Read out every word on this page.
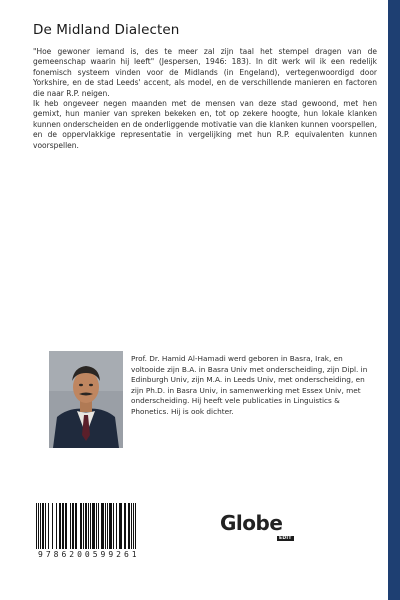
De Midland Dialecten
"Hoe gewoner iemand is, des te meer zal zijn taal het stempel dragen van de gemeenschap waarin hij leeft" (Jespersen, 1946: 183). In dit werk wil ik een redelijk fonemisch systeem vinden voor de Midlands (in Engeland), vertegenwoordigd door Yorkshire, en de stad Leeds' accent, als model, en de verschillende manieren en factoren die naar R.P. neigen.
Ik heb ongeveer negen maanden met de mensen van deze stad gewoond, met hen gemixt, hun manier van spreken bekeken en, tot op zekere hoogte, hun lokale klanken kunnen onderscheiden en de onderliggende motivatie van die klanken kunnen voorspellen, en de oppervlakkige representatie in vergelijking met hun R.P. equivalenten kunnen voorspellen.
Prof. Dr. Hamid Al-Hamadi werd geboren in Basra, Irak, en voltooide zijn B.A. in Basra Univ met onderscheiding, zijn Dipl. in Edinburgh Univ, zijn M.A. in Leeds Univ, met onderscheiding, en zijn Ph.D. in Basra Univ, in samenwerking met Essex Univ, met onderscheiding. Hij heeft vele publicaties in Linguistics & Phonetics. Hij is ook dichter.
9786200599261
Globe
EDIT
